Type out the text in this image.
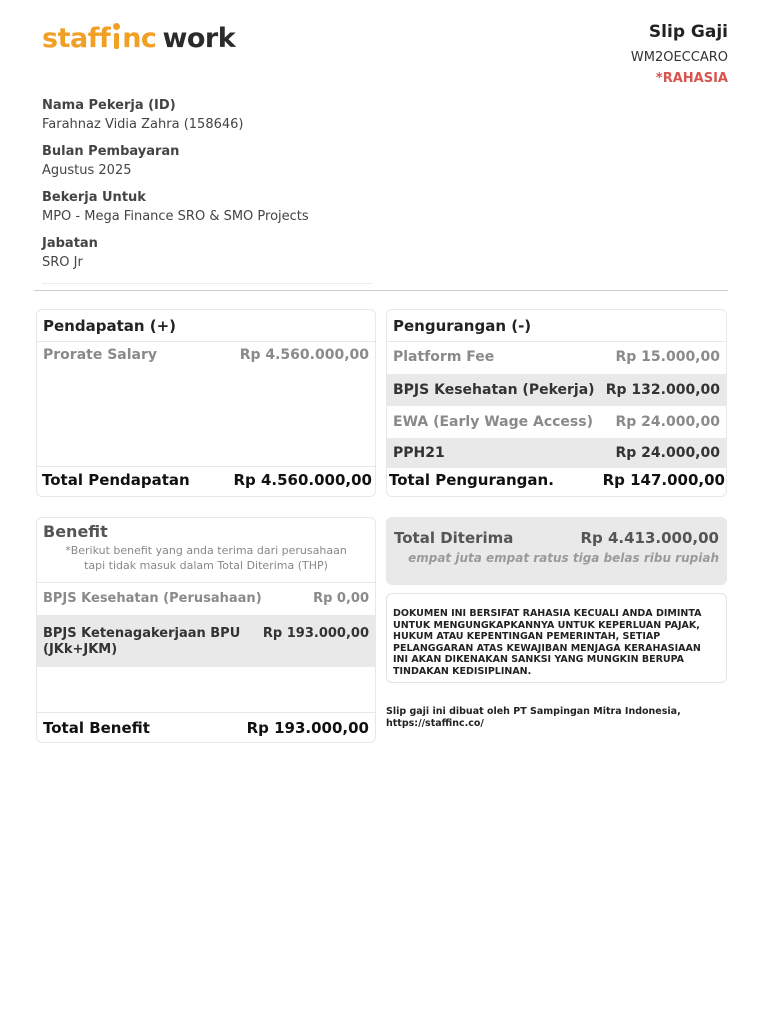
staff nc work	Slip Gaji
WM2OECCARO
*RAHASIA
Nama Pekerja (ID)
Farahnaz Vidia Zahra (158646)
Bulan Pembayaran
Agustus 2025
Bekerja Untuk
MPO - Mega Finance SRO & SMO Projects
Jabatan
SRO Jr
Pendapatan (+)
Prorate Salary	Rp 4.560.000,00
Total Pendapatan	Rp 4.560.000,00
Pengurangan (-)
Platform Fee	Rp 15.000,00
BPJS Kesehatan (Pekerja) Rp 132.000,00
EWA (Early Wage Access) Rp 24.000,00
PPH21	Rp 24.000,00
Total Pengurangan.	Rp 147.000,00
Benefit
*Berikut benefit yang anda terima dari perusahaan
tapi tidak masuk dalam Total Diterima (THP)
BPJS Kesehatan (Perusahaan)	Rp 0,00
BPJS Ketenagakerjaan BPU
(JKk+JKM)
Rp 193.000,00
Total Benefit	Rp 193.000,00
Total Diterima	Rp 4.413.000,00
empat juta empat ratus tiga belas ribu rupiah
DOKUMEN INI BERSIFAT RAHASIA KECUALI ANDA DIMINTA UNTUK MENGUNGKAPKANNYA UNTUK KEPERLUAN PAJAK, HUKUM ATAU KEPENTINGAN PEMERINTAH, SETIAP PELANGGARAN ATAS KEWAJIBAN MENJAGA KERAHASIAAN INI AKAN DIKENAKAN SANKSI YANG MUNGKIN BERUPA TINDAKAN KEDISIPLINAN.
Slip gaji ini dibuat oleh PT Sampingan Mitra Indonesia,
https://staffinc.co/
